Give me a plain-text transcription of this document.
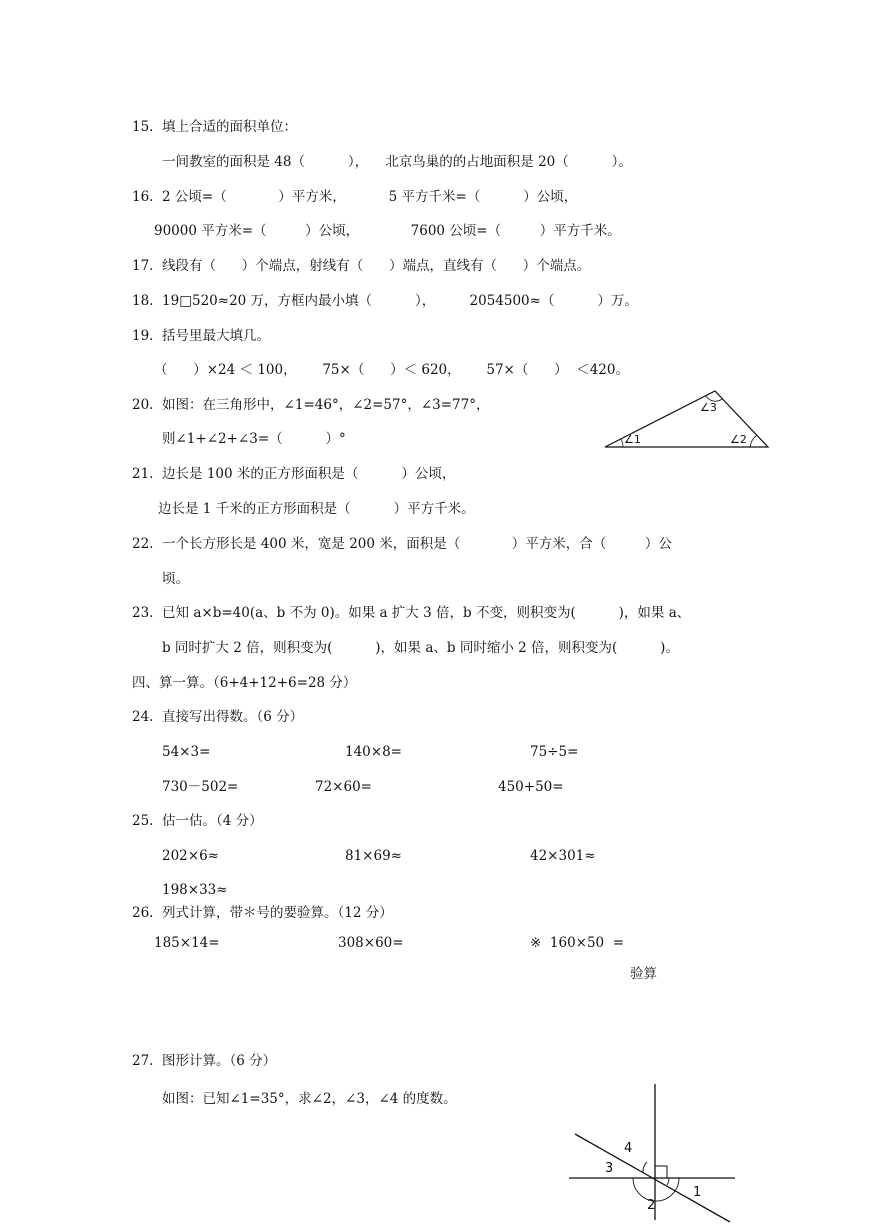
15.  填上合适的面积单位：
一间教室的面积是 48（          ），    北京鸟巢的的占地面积是 20（          ）。
16.  2 公顷=（            ）平方米，          5 平方千米=（          ）公顷，
90000 平方米=（         ）公顷，            7600 公顷=（         ）平方千米。
17.  线段有（      ）个端点，射线有（      ）端点，直线有（      ）个端点。
18.  19□520≈20 万，方框内最小填（          ），        2054500≈（          ）万。
19.  括号里最大填几。
（      ）×24 ＜ 100，      75×（      ）＜ 620，      57×（      ）  ＜420。
20.  如图：在三角形中，∠1=46°，∠2=57°，∠3=77°，
则∠1+∠2+∠3=（          ）°	∠1	∠2
∠3
21.  边长是 100 米的正方形面积是（          ）公顷，
边长是 1 千米的正方形面积是（          ）平方千米。
22.  一个长方形长是 400 米，宽是 200 米，面积是（            ）平方米，合（         ）公
顷。
23.  已知 a×b=40(a、b 不为 0)。如果 a 扩大 3 倍，b 不变，则积变为(          )，如果 a、
b 同时扩大 2 倍，则积变为(          )，如果 a、b 同时缩小 2 倍，则积变为(          )。
四、算一算。（6+4+12+6=28 分）
24.  直接写出得数。（6 分）
54×3=	140×8=	75÷5=
730－502=	72×60=	450+50=
25.  估一估。（4 分）
202×6≈	81×69≈	42×301≈
198×33≈
26.  列式计算，带＊号的要验算。（12 分）
185×14=	308×60=	※  160×50  =
验算
27.  图形计算。（6 分）
如图：已知∠1=35°，求∠2，∠3，∠4 的度数。
4
3
2
1
